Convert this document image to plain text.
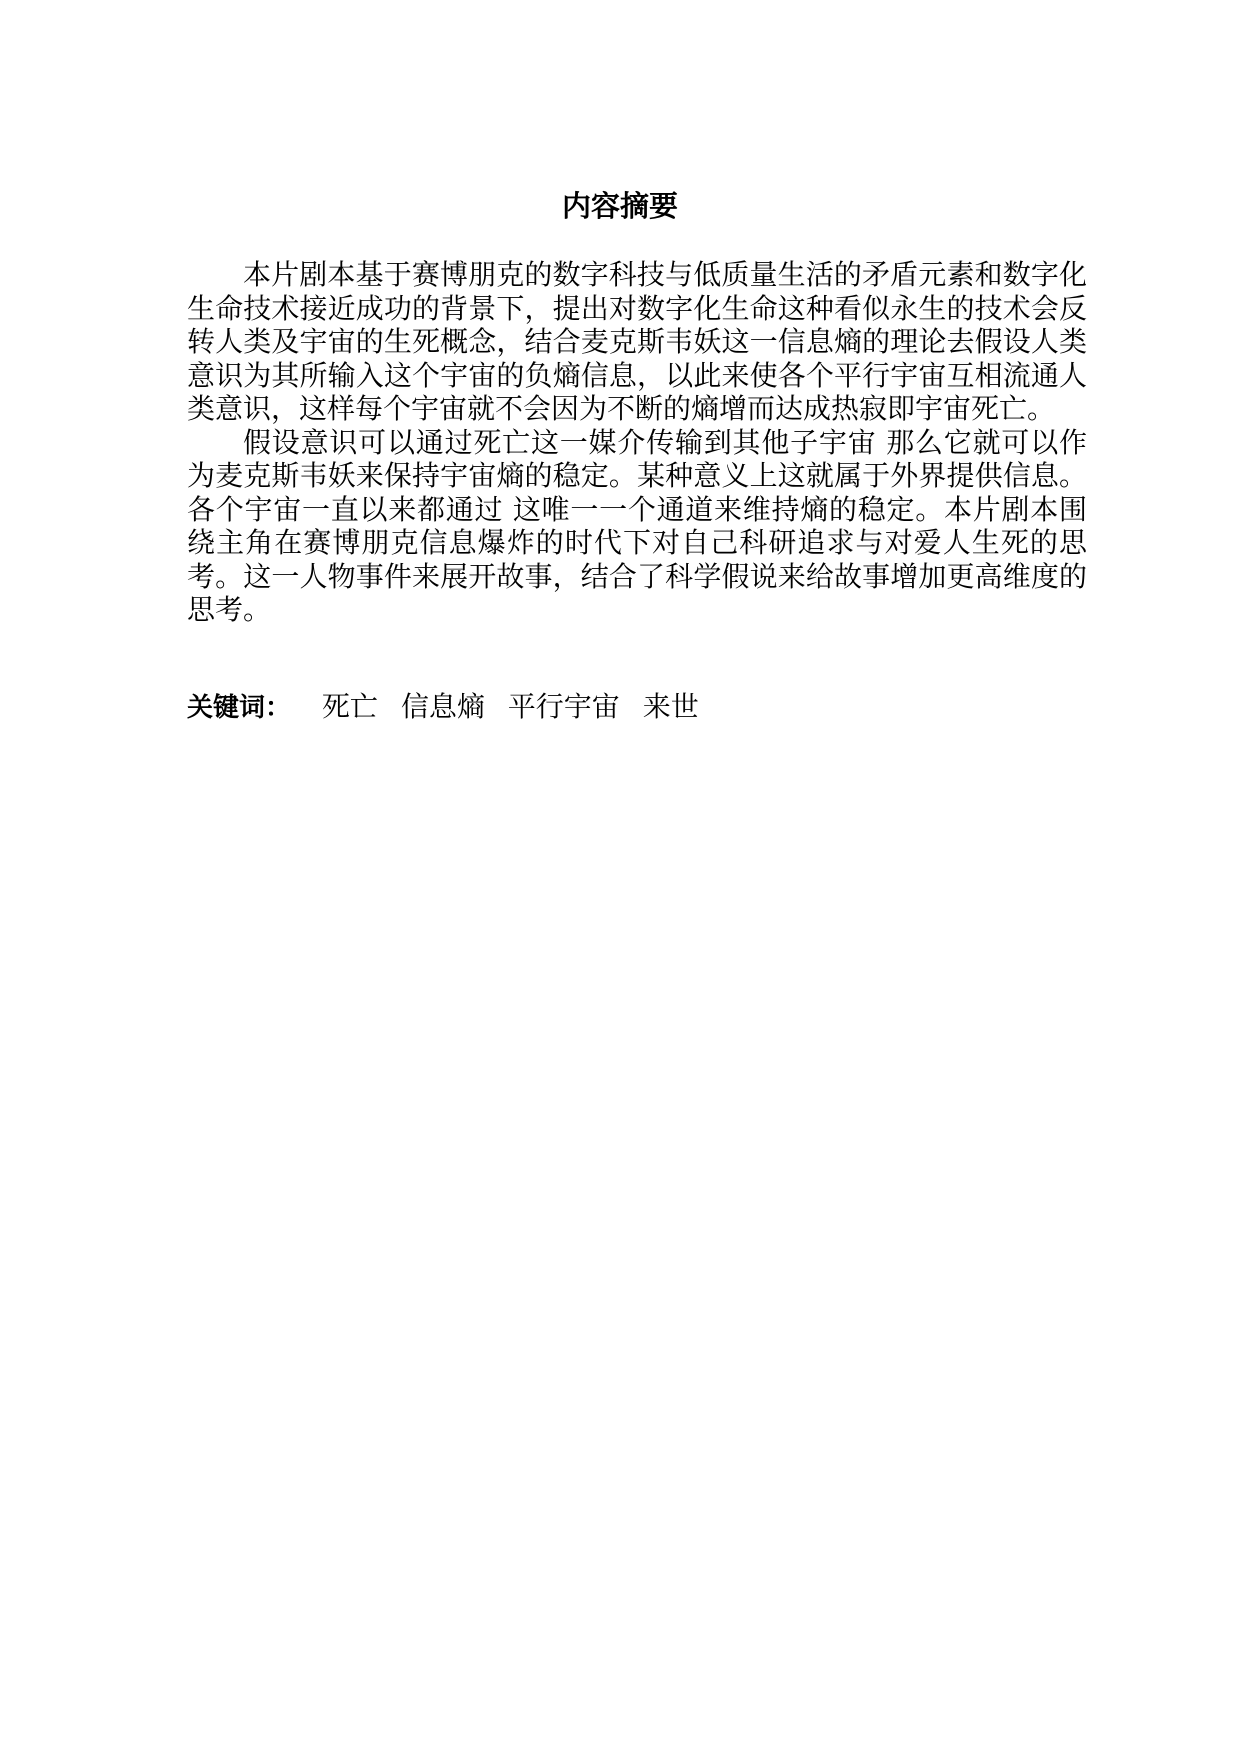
内容摘要

本片剧本基于赛博朋克的数字科技与低质量生活的矛盾元素和数字化生命技术接近成功的背景下，提出对数字化生命这种看似永生的技术会反转人类及宇宙的生死概念，结合麦克斯韦妖这一信息熵的理论去假设人类意识为其所输入这个宇宙的负熵信息，以此来使各个平行宇宙互相流通人类意识，这样每个宇宙就不会因为不断的熵增而达成热寂即宇宙死亡。

假设意识可以通过死亡这一媒介传输到其他子宇宙 那么它就可以作为麦克斯韦妖来保持宇宙熵的稳定。某种意义上这就属于外界提供信息。各个宇宙一直以来都通过 这唯一一个通道来维持熵的稳定。本片剧本围绕主角在赛博朋克信息爆炸的时代下对自己科研追求与对爱人生死的思考。这一人物事件来展开故事，结合了科学假说来给故事增加更高维度的思考。

关键词： 死亡 信息熵 平行宇宙 来世
